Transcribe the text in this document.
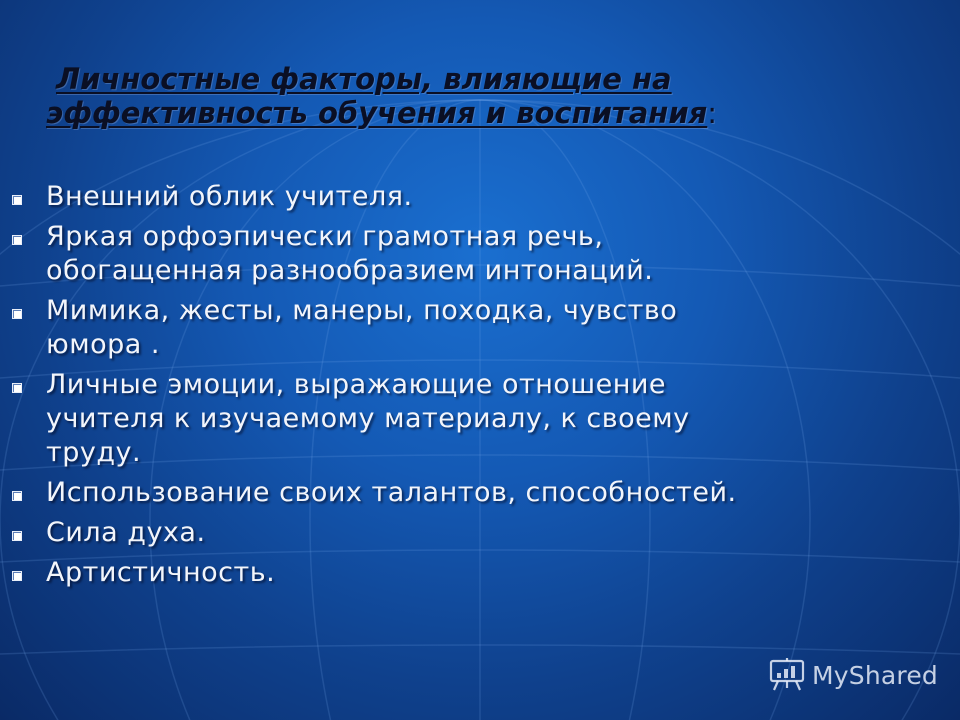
Личностные факторы, влияющие на
эффективность обучения и воспитания:
Внешний облик учителя.
Яркая орфоэпически грамотная речь,
обогащенная разнообразием интонаций.
Мимика, жесты, манеры, походка, чувство
юмора .
Личные эмоции, выражающие отношение
учителя к изучаемому материалу, к своему
труду.
Использование своих талантов, способностей.
Сила духа.
Артистичность.
MyShared
